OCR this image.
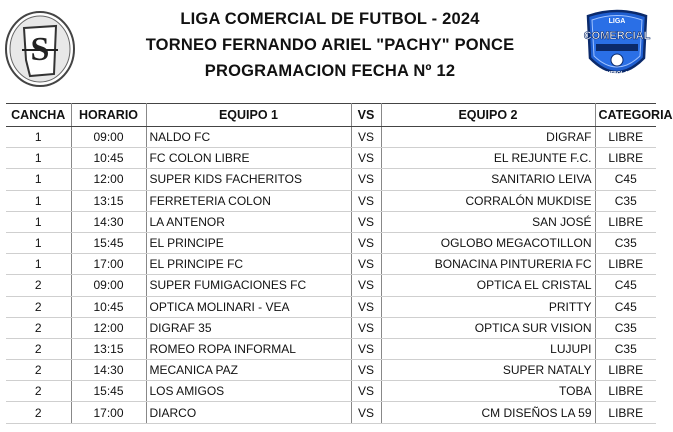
S
LIGA COMERCIAL DE FUTBOL - 2024
TORNEO FERNANDO ARIEL "PACHY" PONCE
PROGRAMACION FECHA Nº 12
LIGA
COMERCIAL
FUTBOL 11
CANCHA	HORARIO	EQUIPO 1	VS	EQUIPO 2	CATEGORIA
1	09:00	NALDO FC	VS	DIGRAF	LIBRE
1	10:45	FC COLON LIBRE	VS	EL REJUNTE F.C.	LIBRE
1	12:00	SUPER KIDS FACHERITOS	VS	SANITARIO LEIVA	C45
1	13:15	FERRETERIA COLON	VS	CORRALÓN MUKDISE	C35
1	14:30	LA ANTENOR	VS	SAN JOSÉ	LIBRE
1	15:45	EL PRINCIPE	VS	OGLOBO MEGACOTILLON	C35
1	17:00	EL PRINCIPE FC	VS	BONACINA PINTURERIA FC	LIBRE
2	09:00	SUPER FUMIGACIONES FC	VS	OPTICA EL CRISTAL	C45
2	10:45	OPTICA MOLINARI - VEA	VS	PRITTY	C45
2	12:00	DIGRAF 35	VS	OPTICA SUR VISION	C35
2	13:15	ROMEO ROPA INFORMAL	VS	LUJUPI	C35
2	14:30	MECANICA PAZ	VS	SUPER NATALY	LIBRE
2	15:45	LOS AMIGOS	VS	TOBA	LIBRE
2	17:00	DIARCO	VS	CM DISEÑOS LA 59	LIBRE
